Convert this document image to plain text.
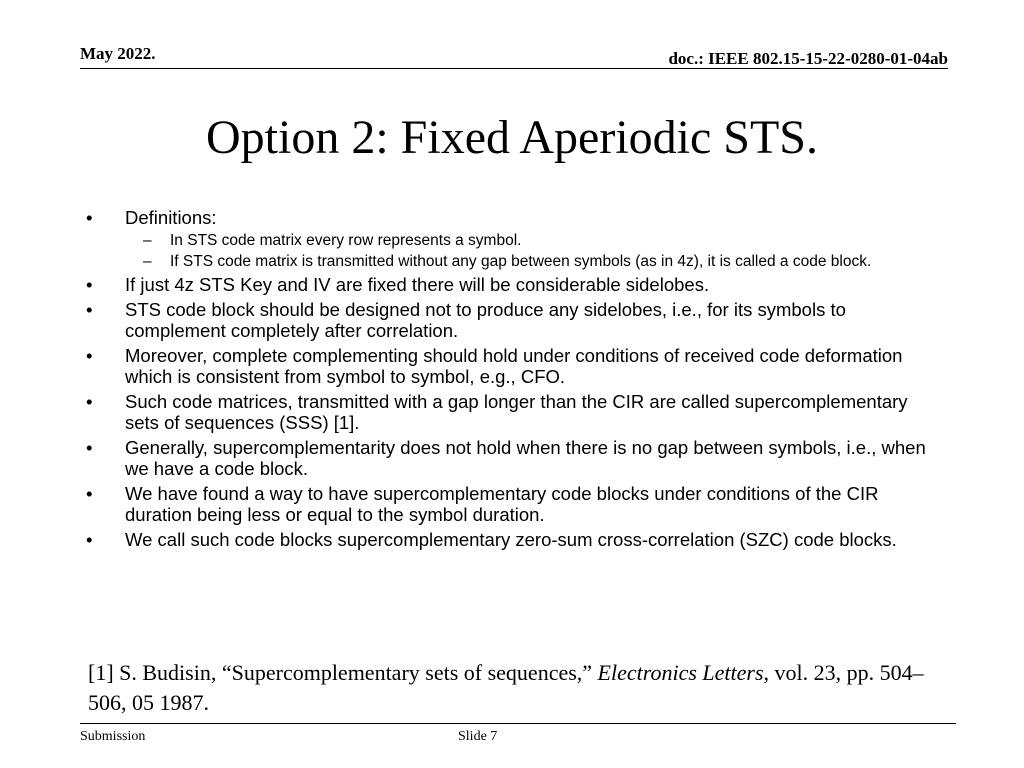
May 2022.	doc.: IEEE 802.15-15-22-0280-01-04ab
Option 2: Fixed Aperiodic STS.
• Definitions:
– In STS code matrix every row represents a symbol.
– If STS code matrix is transmitted without any gap between symbols (as in 4z), it is called a code block.
• If just 4z STS Key and IV are fixed there will be considerable sidelobes.
• STS code block should be designed not to produce any sidelobes, i.e., for its symbols to complement completely after correlation.
• Moreover, complete complementing should hold under conditions of received code deformation which is consistent from symbol to symbol, e.g., CFO.
• Such code matrices, transmitted with a gap longer than the CIR are called supercomplementary sets of sequences (SSS) [1].
• Generally, supercomplementarity does not hold when there is no gap between symbols, i.e., when we have a code block.
• We have found a way to have supercomplementary code blocks under conditions of the CIR duration being less or equal to the symbol duration.
• We call such code blocks supercomplementary zero-sum cross-correlation (SZC) code blocks.
[1] S. Budisin, “Supercomplementary sets of sequences,” Electronics Letters, vol. 23, pp. 504–506, 05 1987.
Submission	Slide 7
